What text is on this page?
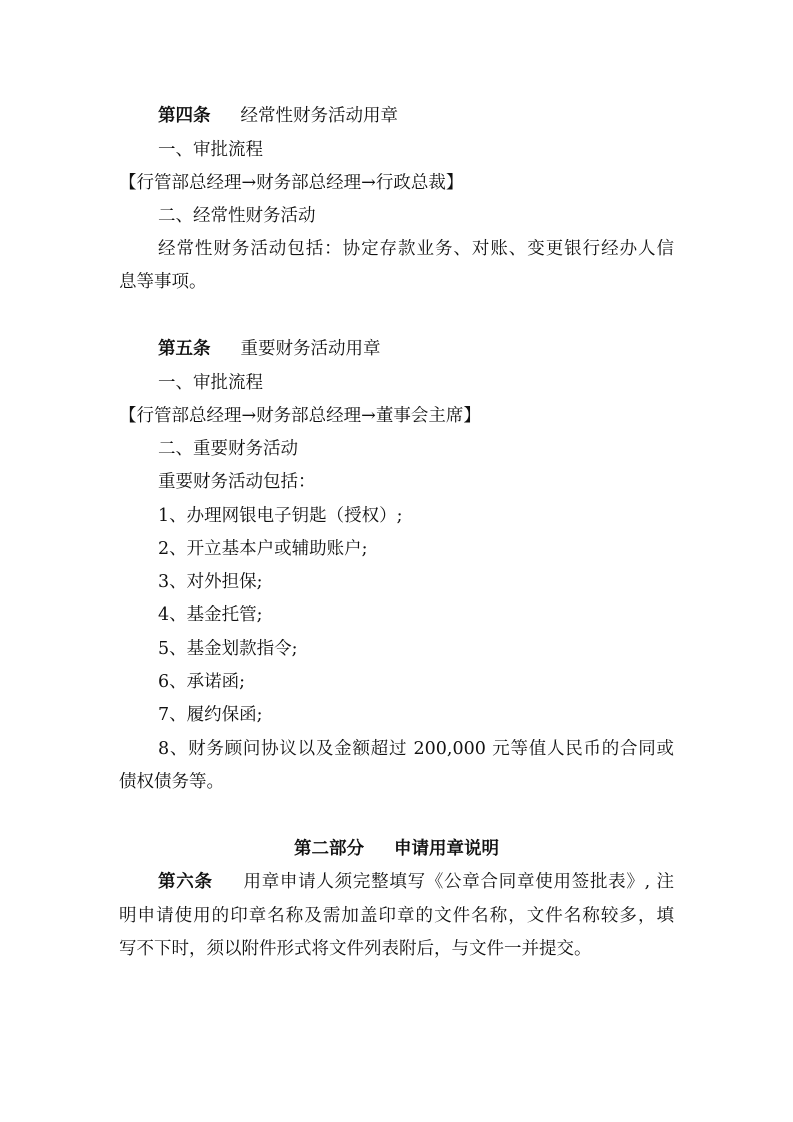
第四条 经常性财务活动用章
一、审批流程
【行管部总经理→财务部总经理→行政总裁】
二、经常性财务活动
经常性财务活动包括：协定存款业务、对账、变更银行经办人信
息等事项。
第五条 重要财务活动用章
一、审批流程
【行管部总经理→财务部总经理→董事会主席】
二、重要财务活动
重要财务活动包括：
1、办理网银电子钥匙（授权）;
2、开立基本户或辅助账户;
3、对外担保;
4、基金托管;
5、基金划款指令;
6、承诺函;
7、履约保函;
8、财务顾问协议以及金额超过 200,000 元等值人民币的合同或
债权债务等。
第二部分 申请用章说明
第六条 用章申请人须完整填写《公章合同章使用签批表》, 注
明申请使用的印章名称及需加盖印章的文件名称，文件名称较多，填
写不下时，须以附件形式将文件列表附后，与文件一并提交。
